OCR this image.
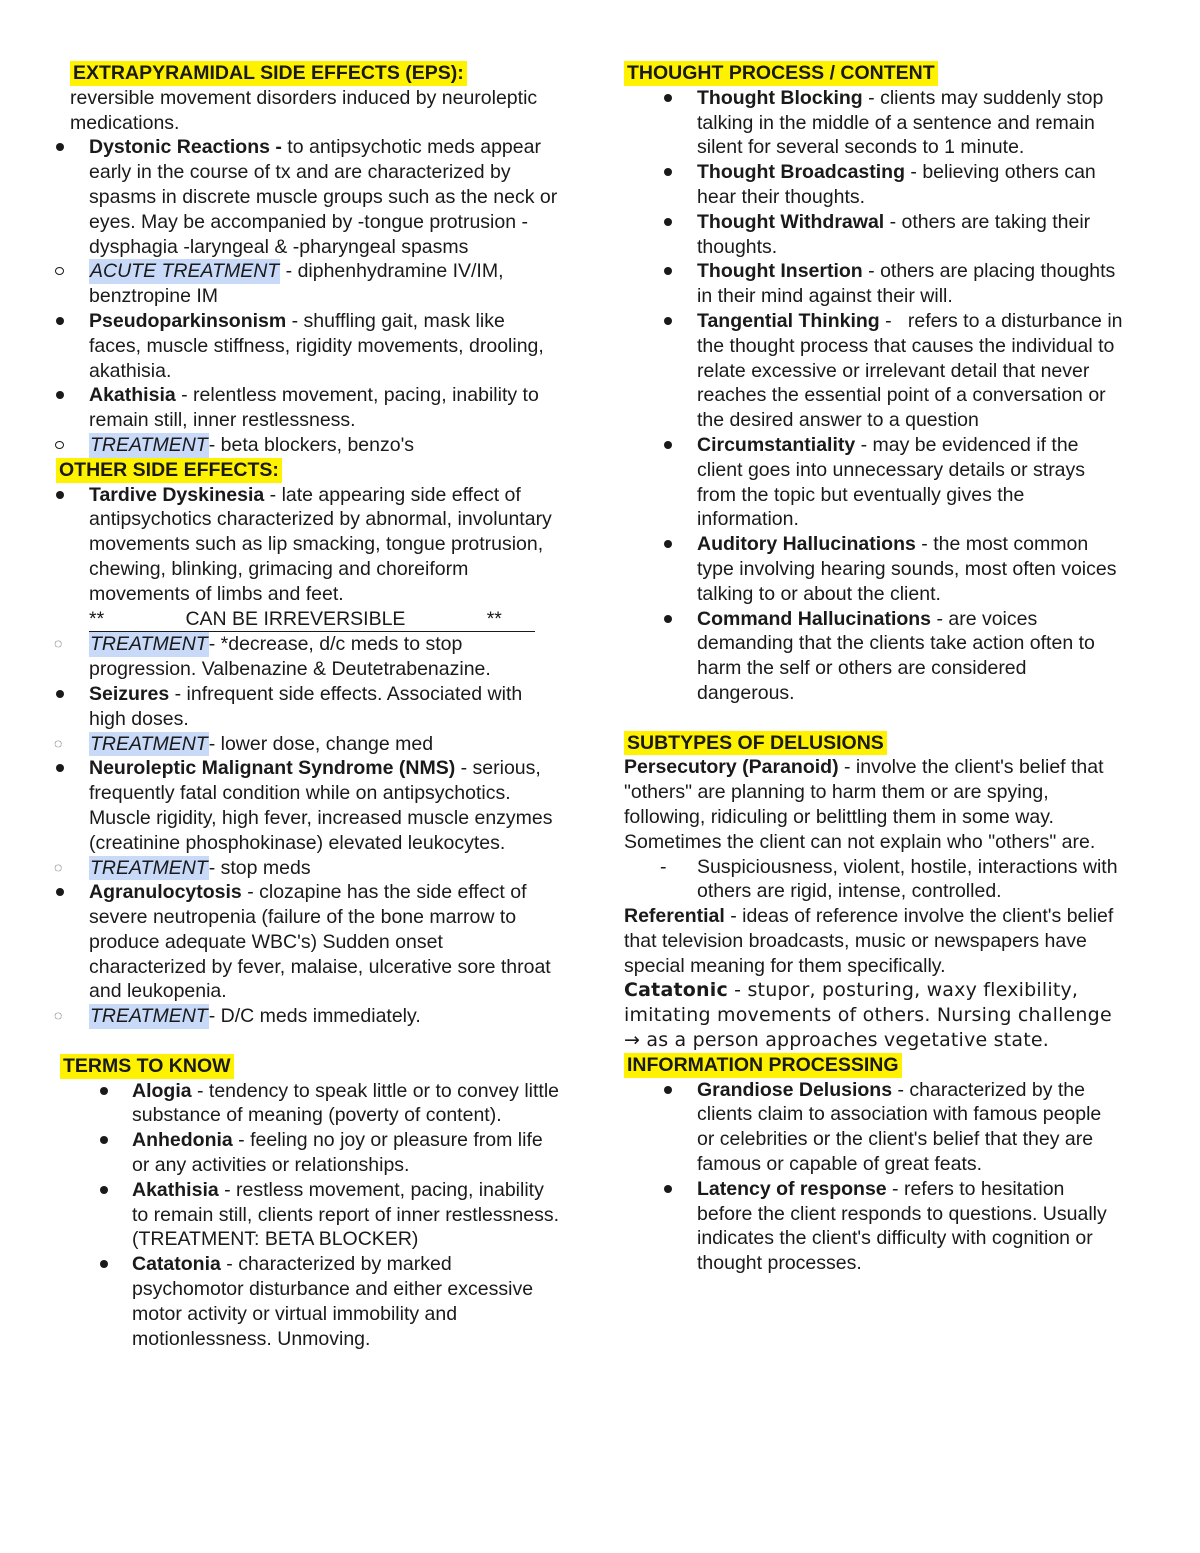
EXTRAPYRAMIDAL SIDE EFFECTS (EPS):
reversible movement disorders induced by neuroleptic medications.
Dystonic Reactions - to antipsychotic meds appear early in the course of tx and are characterized by spasms in discrete muscle groups such as the neck or eyes. May be accompanied by -tongue protrusion -dysphagia -laryngeal & -pharyngeal spasms
ACUTE TREATMENT - diphenhydramine IV/IM, benztropine IM
Pseudoparkinsonism - shuffling gait, mask like faces, muscle stiffness, rigidity movements, drooling, akathisia.
Akathisia - relentless movement, pacing, inability to remain still, inner restlessness.
TREATMENT- beta blockers, benzo's
OTHER SIDE EFFECTS:
Tardive Dyskinesia - late appearing side effect of antipsychotics characterized by abnormal, involuntary movements such as lip smacking, tongue protrusion, chewing, blinking, grimacing and choreiform movements of limbs and feet.
**               CAN BE IRREVERSIBLE               **
◌ TREATMENT- *decrease, d/c meds to stop progression. Valbenazine & Deutetrabenazine.
Seizures - infrequent side effects. Associated with high doses.
◌ TREATMENT- lower dose, change med
Neuroleptic Malignant Syndrome (NMS) - serious, frequently fatal condition while on antipsychotics. Muscle rigidity, high fever, increased muscle enzymes (creatinine phosphokinase) elevated leukocytes.
◌ TREATMENT- stop meds
Agranulocytosis - clozapine has the side effect of severe neutropenia (failure of the bone marrow to produce adequate WBC's) Sudden onset characterized by fever, malaise, ulcerative sore throat and leukopenia.
◌ TREATMENT- D/C meds immediately.
TERMS TO KNOW
Alogia - tendency to speak little or to convey little substance of meaning (poverty of content).
Anhedonia - feeling no joy or pleasure from life or any activities or relationships.
Akathisia - restless movement, pacing, inability to remain still, clients report of inner restlessness. (TREATMENT: BETA BLOCKER)
Catatonia - characterized by marked psychomotor disturbance and either excessive motor activity or virtual immobility and motionlessness. Unmoving.
THOUGHT PROCESS / CONTENT
Thought Blocking - clients may suddenly stop talking in the middle of a sentence and remain silent for several seconds to 1 minute.
Thought Broadcasting - believing others can hear their thoughts.
Thought Withdrawal - others are taking their thoughts.
Thought Insertion - others are placing thoughts in their mind against their will.
Tangential Thinking -   refers to a disturbance in the thought process that causes the individual to relate excessive or irrelevant detail that never reaches the essential point of a conversation or the desired answer to a question
Circumstantiality - may be evidenced if the client goes into unnecessary details or strays from the topic but eventually gives the information.
Auditory Hallucinations - the most common type involving hearing sounds, most often voices talking to or about the client.
Command Hallucinations - are voices demanding that the clients take action often to harm the self or others are considered dangerous.
SUBTYPES OF DELUSIONS
Persecutory (Paranoid) - involve the client's belief that "others" are planning to harm them or are spying, following, ridiculing or belittling them in some way. Sometimes the client can not explain who "others" are.
- Suspiciousness, violent, hostile, interactions with others are rigid, intense, controlled.
Referential - ideas of reference involve the client's belief that television broadcasts, music or newspapers have special meaning for them specifically.
Catatonic - stupor, posturing, waxy flexibility, imitating movements of others. Nursing challenge → as a person approaches vegetative state.
INFORMATION PROCESSING
Grandiose Delusions - characterized by the clients claim to association with famous people or celebrities or the client's belief that they are famous or capable of great feats.
Latency of response - refers to hesitation before the client responds to questions. Usually indicates the client's difficulty with cognition or thought processes.
